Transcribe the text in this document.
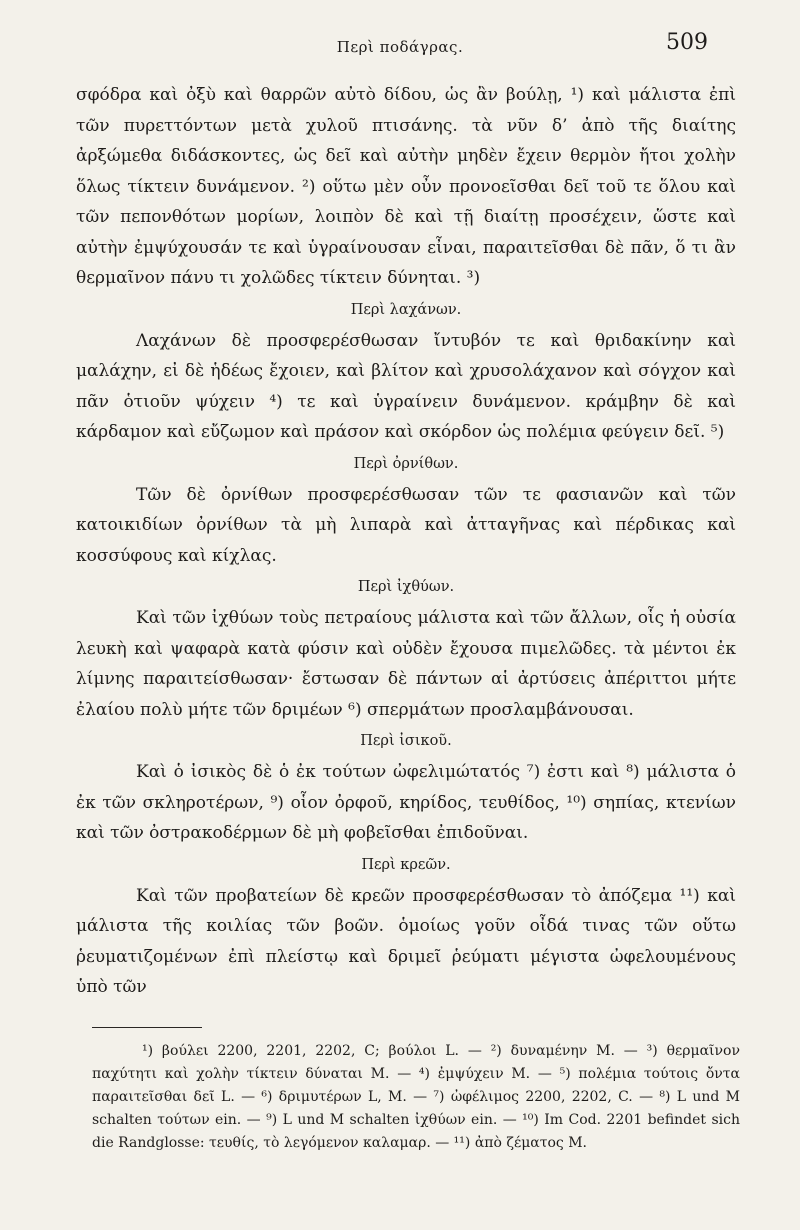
Περὶ ποδάγρας.	509

σφόδρα καὶ ὀξὺ καὶ θαρρῶν αὐτὸ δίδου, ὡς ἂν βούλῃ, ¹) καὶ μάλιστα ἐπὶ τῶν πυρεττόντων μετὰ χυλοῦ πτισάνης. τὰ νῦν δ’ ἀπὸ τῆς διαίτης ἀρξώμεθα διδάσκοντες, ὡς δεῖ καὶ αὐτὴν μηδὲν ἔχειν θερμὸν ἤτοι χολὴν ὅλως τίκτειν δυνάμενον. ²) οὕτω μὲν οὖν προνοεῖσθαι δεῖ τοῦ τε ὅλου καὶ τῶν πεπονθότων μορίων, λοιπὸν δὲ καὶ τῇ διαίτῃ προσέχειν, ὥστε καὶ αὐτὴν ἐμψύχουσάν τε καὶ ὑγραίνουσαν εἶναι, παραιτεῖσθαι δὲ πᾶν, ὅ τι ἂν θερμαῖνον πάνυ τι χολῶδες τίκτειν δύνηται. ³)

Περὶ λαχάνων.

Λαχάνων δὲ προσφερέσθωσαν ἴντυβόν τε καὶ θριδακίνην καὶ μαλάχην, εἰ δὲ ἡδέως ἔχοιεν, καὶ βλίτον καὶ χρυσολάχανον καὶ σόγχον καὶ πᾶν ὁτιοῦν ψύχειν ⁴) τε καὶ ὑγραίνειν δυνάμενον. κράμβην δὲ καὶ κάρδαμον καὶ εὔζωμον καὶ πράσον καὶ σκόρδον ὡς πολέμια φεύγειν δεῖ. ⁵)

Περὶ ὀρνίθων.

Τῶν δὲ ὀρνίθων προσφερέσθωσαν τῶν τε φασιανῶν καὶ τῶν κατοικιδίων ὀρνίθων τὰ μὴ λιπαρὰ καὶ ἀτταγῆνας καὶ πέρδικας καὶ κοσσύφους καὶ κίχλας.

Περὶ ἰχθύων.

Καὶ τῶν ἰχθύων τοὺς πετραίους μάλιστα καὶ τῶν ἄλλων, οἷς ἡ οὐσία λευκὴ καὶ ψαφαρὰ κατὰ φύσιν καὶ οὐδὲν ἔχουσα πιμελῶδες. τὰ μέντοι ἐκ λίμνης παραιτείσθωσαν· ἔστωσαν δὲ πάντων αἱ ἀρτύσεις ἀπέριττοι μήτε ἐλαίου πολὺ μήτε τῶν δριμέων ⁶) σπερμάτων προσλαμβάνουσαι.

Περὶ ἰσικοῦ.

Καὶ ὁ ἰσικὸς δὲ ὁ ἐκ τούτων ὠφελιμώτατός ⁷) ἐστι καὶ ⁸) μάλιστα ὁ ἐκ τῶν σκληροτέρων, ⁹) οἷον ὀρφοῦ, κηρίδος, τευθίδος, ¹⁰) σηπίας, κτενίων καὶ τῶν ὀστρακοδέρμων δὲ μὴ φοβεῖσθαι ἐπιδοῦναι.

Περὶ κρεῶν.

Καὶ τῶν προβατείων δὲ κρεῶν προσφερέσθωσαν τὸ ἀπόζεμα ¹¹) καὶ μάλιστα τῆς κοιλίας τῶν βοῶν. ὁμοίως γοῦν οἶδά τινας τῶν οὕτω ῥευματιζομένων ἐπὶ πλείστῳ καὶ δριμεῖ ῥεύματι μέγιστα ὠφελουμένους ὑπὸ τῶν

¹) βούλει 2200, 2201, 2202, C; βούλοι L. — ²) δυναμένην M. — ³) θερμαῖνον παχύτητι καὶ χολὴν τίκτειν δύναται M. — ⁴) ἐμψύχειν M. — ⁵) πολέμια τούτοις ὄντα παραιτεῖσθαι δεῖ L. — ⁶) δριμυτέρων L, M. — ⁷) ὠφέλιμος 2200, 2202, C. — ⁸) L und M schalten τούτων ein. — ⁹) L und M schalten ἰχθύων ein. — ¹⁰) Im Cod. 2201 befindet sich die Randglosse: τευθίς, τὸ λεγόμενον καλαμαρ. — ¹¹) ἀπὸ ζέματος M.
